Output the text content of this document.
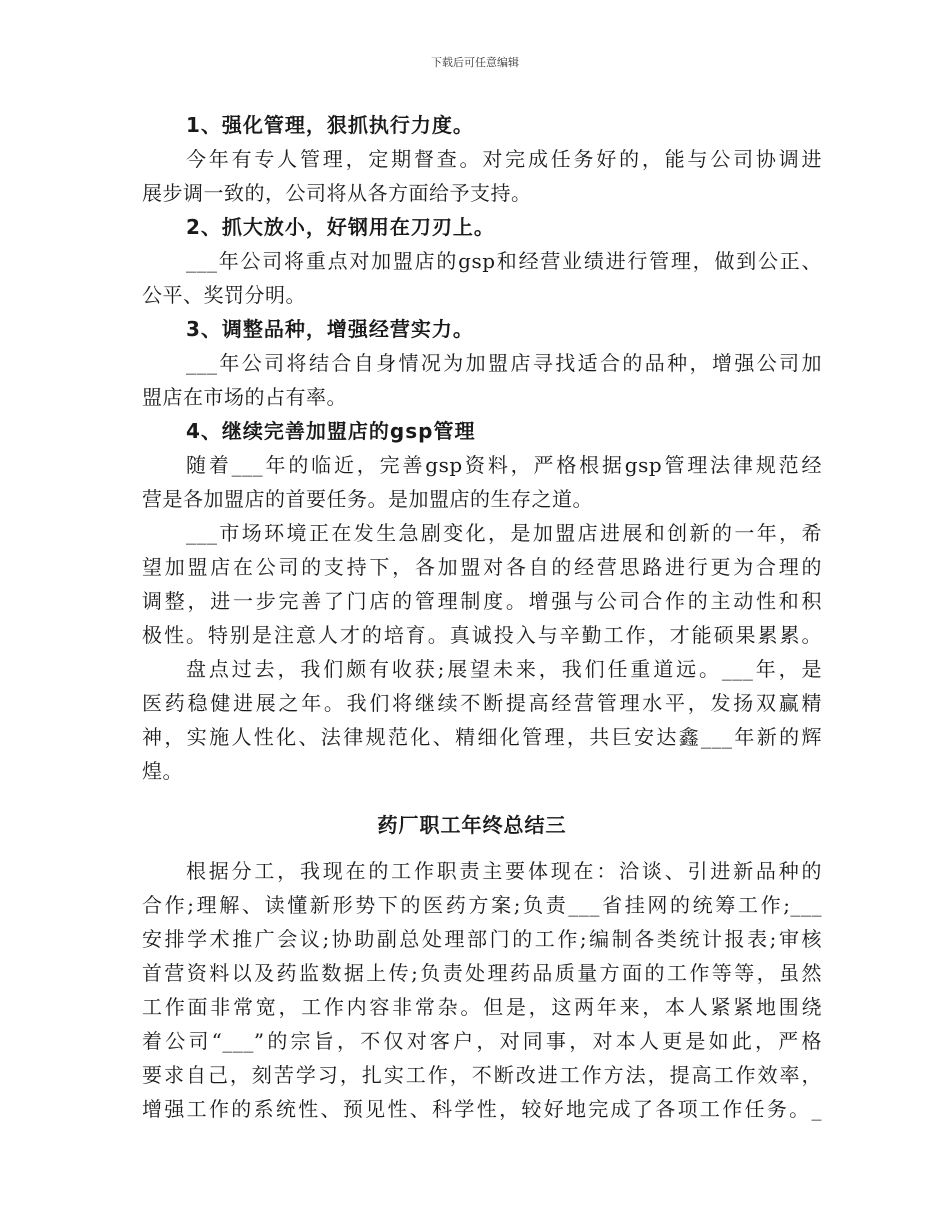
下载后可任意编辑
1、强化管理，狠抓执行力度。
今年有专人管理，定期督查。对完成任务好的，能与公司协调进
展步调一致的，公司将从各方面给予支持。
2、抓大放小，好钢用在刀刃上。
___年公司将重点对加盟店的gsp和经营业绩进行管理，做到公正、
公平、奖罚分明。
3、调整品种，增强经营实力。
___年公司将结合自身情况为加盟店寻找适合的品种，增强公司加
盟店在市场的占有率。
4、继续完善加盟店的gsp管理
随着___年的临近，完善gsp资料，严格根据gsp管理法律规范经
营是各加盟店的首要任务。是加盟店的生存之道。
___市场环境正在发生急剧变化，是加盟店进展和创新的一年，希
望加盟店在公司的支持下，各加盟对各自的经营思路进行更为合理的
调整，进一步完善了门店的管理制度。增强与公司合作的主动性和积
极性。特别是注意人才的培育。真诚投入与辛勤工作，才能硕果累累。
盘点过去，我们颇有收获;展望未来，我们任重道远。___年，是
医药稳健进展之年。我们将继续不断提高经营管理水平，发扬双赢精
神，实施人性化、法律规范化、精细化管理，共巨安达鑫___年新的辉
煌。
药厂职工年终总结三
根据分工，我现在的工作职责主要体现在：洽谈、引进新品种的
合作;理解、读懂新形势下的医药方案;负责___省挂网的统筹工作;___
安排学术推广会议;协助副总处理部门的工作;编制各类统计报表;审核
首营资料以及药监数据上传;负责处理药品质量方面的工作等等，虽然
工作面非常宽，工作内容非常杂。但是，这两年来，本人紧紧地围绕
着公司“___”的宗旨，不仅对客户，对同事，对本人更是如此，严格
要求自己，刻苦学习，扎实工作，不断改进工作方法，提高工作效率，
增强工作的系统性、预见性、科学性，较好地完成了各项工作任务。_
